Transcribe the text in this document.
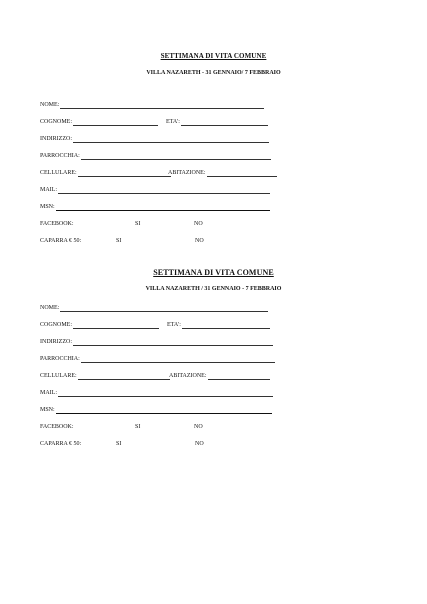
SETTIMANA DI VITA COMUNE
VILLA NAZARETH - 31 GENNAIO/ 7 FEBBRAIO
NOME:
COGNOME:	ETA':
INDIRIZZO:
PARROCCHIA:
CELLULARE:	ABITAZIONE:
MAIL:
MSN:
FACEBOOK:	SI	NO
CAPARRA € 50:	SI	NO
SETTIMANA DI VITA COMUNE
VILLA NAZARETH / 31 GENNAIO - 7 FEBBRAIO
NOME:
COGNOME:	ETA':
INDIRIZZO:
PARROCCHIA:
CELLULARE:	ABITAZIONE:
MAIL:
MSN:
FACEBOOK:	SI	NO
CAPARRA € 50:	SI	NO
